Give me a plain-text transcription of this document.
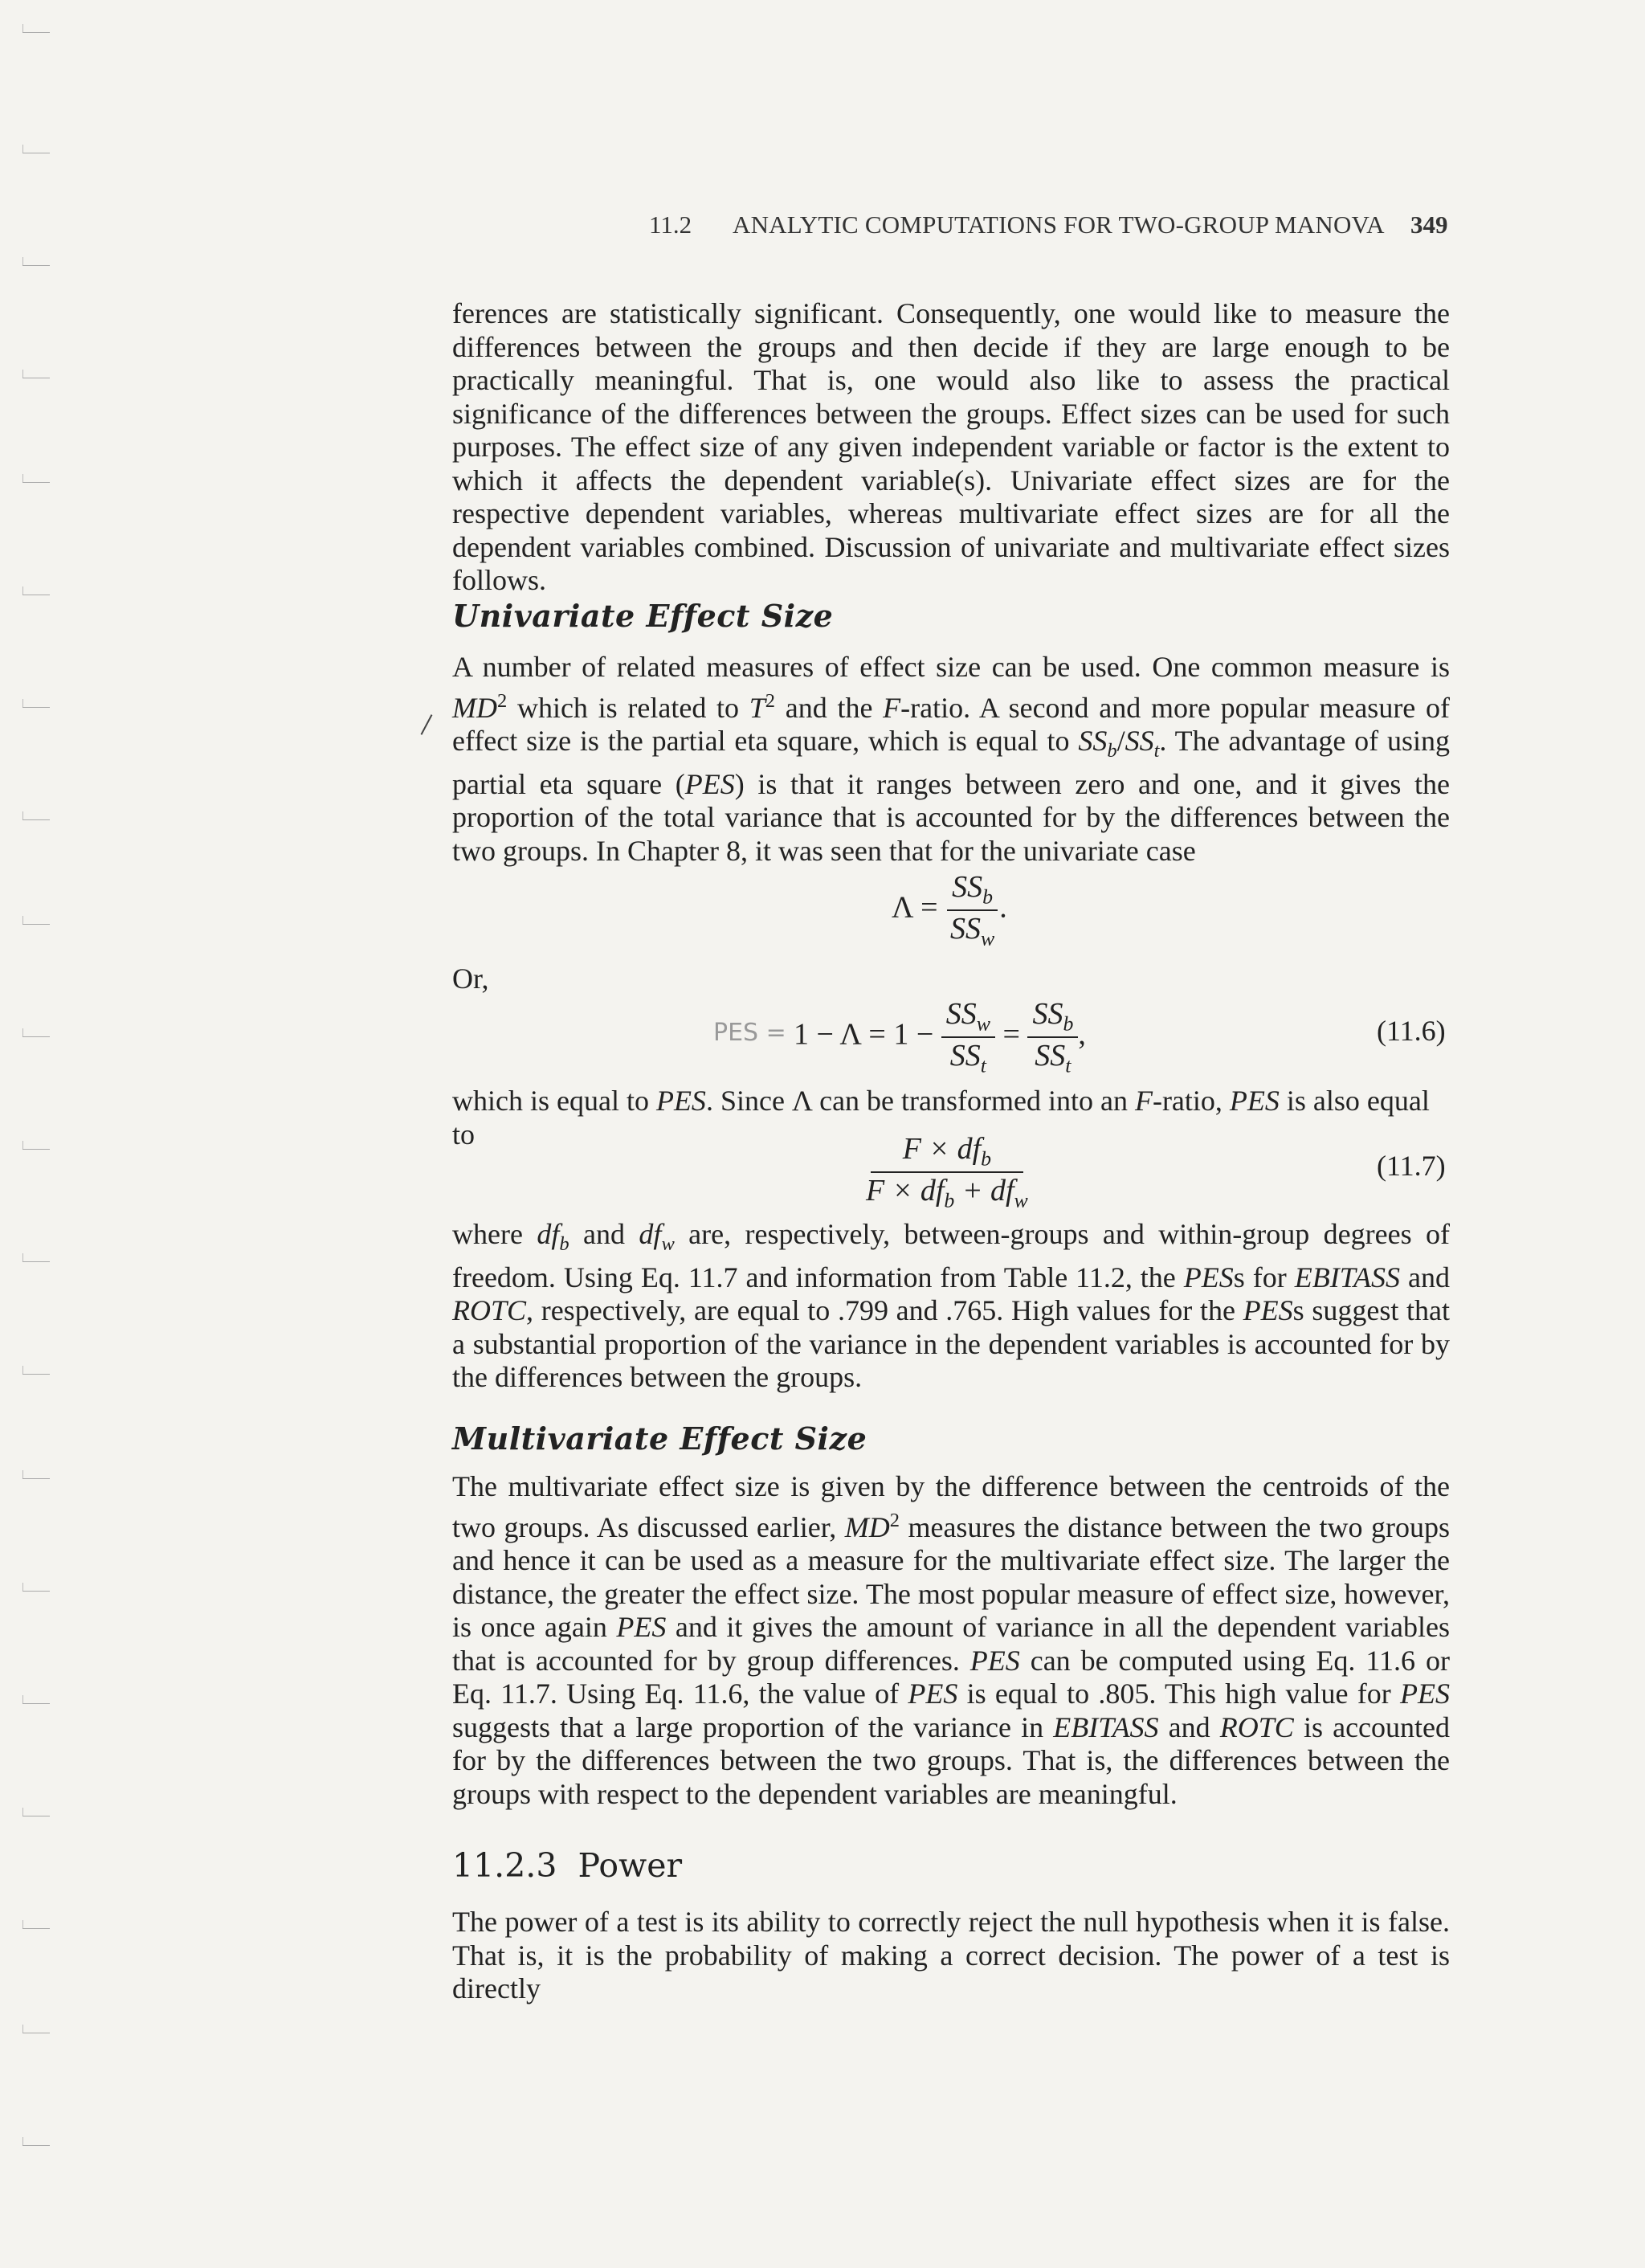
11.2 ANALYTIC COMPUTATIONS FOR TWO-GROUP MANOVA 349

ferences are statistically significant. Consequently, one would like to measure the differences between the groups and then decide if they are large enough to be practically meaningful. That is, one would also like to assess the practical significance of the differences between the groups. Effect sizes can be used for such purposes. The effect size of any given independent variable or factor is the extent to which it affects the dependent variable(s). Univariate effect sizes are for the respective dependent variables, whereas multivariate effect sizes are for all the dependent variables combined. Discussion of univariate and multivariate effect sizes follows.

Univariate Effect Size

A number of related measures of effect size can be used. One common measure is $MD^2$ which is related to $T^2$ and the F-ratio. A second and more popular measure of effect size is the partial eta square, which is equal to $SS_b/SS_t$. The advantage of using partial eta square (PES) is that it ranges between zero and one, and it gives the proportion of the total variance that is accounted for by the differences between the two groups. In Chapter 8, it was seen that for the univariate case

$\Lambda = \frac{SS_b}{SS_w}$ .

Or,

PES = $1 - \Lambda = 1 - \frac{SS_w}{SS_t} = \frac{SS_b}{SS_t}$ ,	(11.6)

which is equal to PES. Since Λ can be transformed into an F-ratio, PES is also equal to	$\frac{F \times df_b}{F \times df_b + df_w}$	(11.7)

where $df_b$ and $df_w$ are, respectively, between-groups and within-group degrees of freedom. Using Eq. 11.7 and information from Table 11.2, the PESs for EBITASS and ROTC, respectively, are equal to .799 and .765. High values for the PESs suggest that a substantial proportion of the variance in the dependent variables is accounted for by the differences between the groups.

Multivariate Effect Size

The multivariate effect size is given by the difference between the centroids of the two groups. As discussed earlier, $MD^2$ measures the distance between the two groups and hence it can be used as a measure for the multivariate effect size. The larger the distance, the greater the effect size. The most popular measure of effect size, however, is once again PES and it gives the amount of variance in all the dependent variables that is accounted for by group differences. PES can be computed using Eq. 11.6 or Eq. 11.7. Using Eq. 11.6, the value of PES is equal to .805. This high value for PES suggests that a large proportion of the variance in EBITASS and ROTC is accounted for by the differences between the two groups. That is, the differences between the groups with respect to the dependent variables are meaningful.

11.2.3 Power

The power of a test is its ability to correctly reject the null hypothesis when it is false. That is, it is the probability of making a correct decision. The power of a test is directly
